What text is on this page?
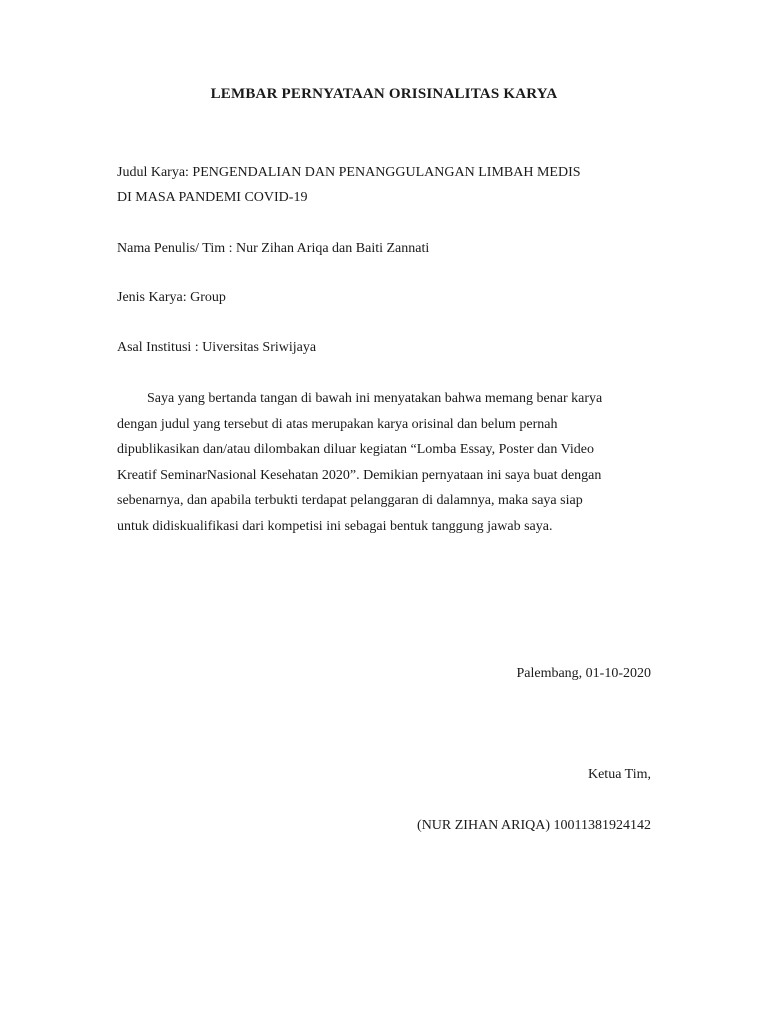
LEMBAR PERNYATAAN ORISINALITAS KARYA
Judul Karya: PENGENDALIAN DAN PENANGGULANGAN LIMBAH MEDIS
DI MASA PANDEMI COVID-19
Nama Penulis/ Tim : Nur Zihan Ariqa dan Baiti Zannati
Jenis Karya: Group
Asal Institusi : Uiversitas Sriwijaya
Saya yang bertanda tangan di bawah ini menyatakan bahwa memang benar karya
dengan judul yang tersebut di atas merupakan karya orisinal dan belum pernah
dipublikasikan dan/atau dilombakan diluar kegiatan “Lomba Essay, Poster dan Video
Kreatif SeminarNasional Kesehatan 2020”. Demikian pernyataan ini saya buat dengan
sebenarnya, dan apabila terbukti terdapat pelanggaran di dalamnya, maka saya siap
untuk didiskualifikasi dari kompetisi ini sebagai bentuk tanggung jawab saya.
Palembang, 01-10-2020
Ketua Tim,
(NUR ZIHAN ARIQA) 10011381924142
